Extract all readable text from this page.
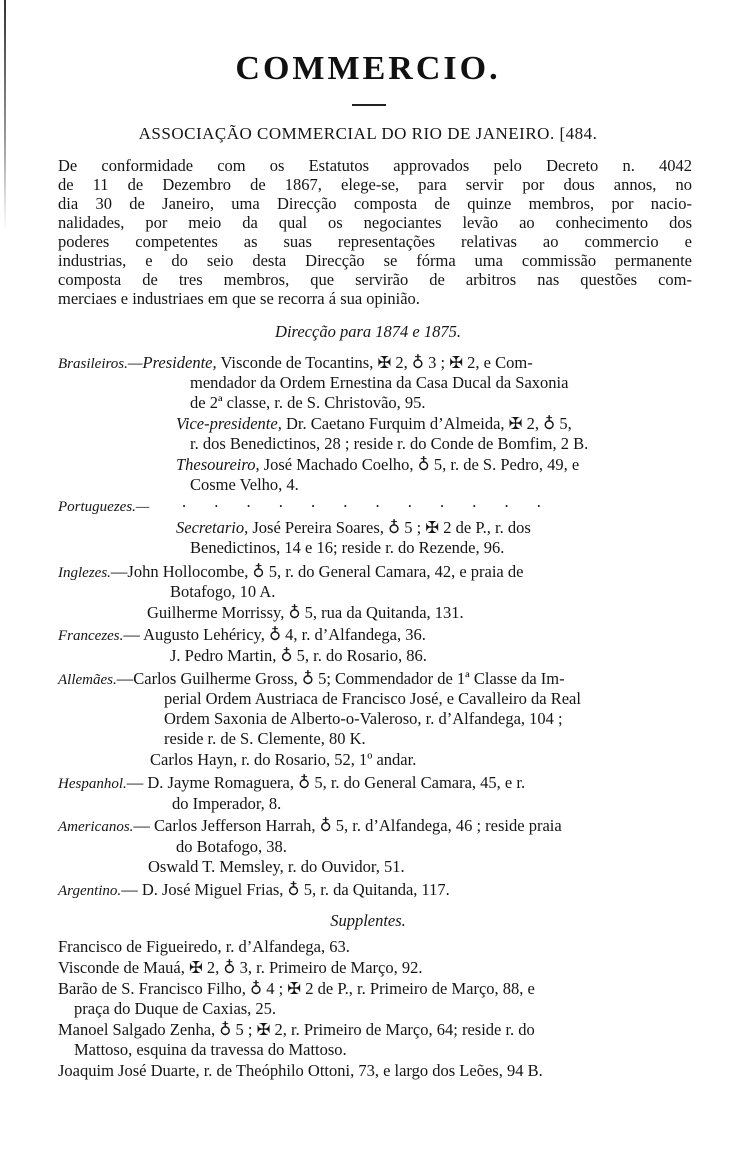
COMMERCIO.
ASSOCIAÇÃO COMMERCIAL DO RIO DE JANEIRO. [484.
De conformidade com os Estatutos approvados pelo Decreto n. 4042
de 11 de Dezembro de 1867, elege-se, para servir por dous annos, no
dia 30 de Janeiro, uma Direcção composta de quinze membros, por nacio-
nalidades, por meio da qual os negociantes levão ao conhecimento dos
poderes competentes as suas representações relativas ao commercio e
industrias, e do seio desta Direcção se fórma uma commissão permanente
composta de tres membros, que servirão de arbitros nas questões com-
merciaes e industriaes em que se recorra á sua opinião.
Direcção para 1874 e 1875.
Brasileiros.—Presidente, Visconde de Tocantins, ✠ 2, ♁ 3 ; ✠ 2, e Com-
mendador da Ordem Ernestina da Casa Ducal da Saxonia
de 2ª classe, r. de S. Christovão, 95.
Vice-presidente, Dr. Caetano Furquim d’Almeida, ✠ 2, ♁ 5,
r. dos Benedictinos, 28 ; reside r. do Conde de Bomfim, 2 B.
Thesoureiro, José Machado Coelho, ♁ 5, r. de S. Pedro, 49, e
Cosme Velho, 4.
Portuguezes.— . . . . . . . . . . . .
Secretario, José Pereira Soares, ♁ 5 ; ✠ 2 de P., r. dos
Benedictinos, 14 e 16; reside r. do Rezende, 96.
Inglezes.—John Hollocombe, ♁ 5, r. do General Camara, 42, e praia de
Botafogo, 10 A.
Guilherme Morrissy, ♁ 5, rua da Quitanda, 131.
Francezes.— Augusto Lehéricy, ♁ 4, r. d’Alfandega, 36.
J. Pedro Martin, ♁ 5, r. do Rosario, 86.
Allemães.—Carlos Guilherme Gross, ♁ 5; Commendador de 1ª Classe da Im-
perial Ordem Austriaca de Francisco José, e Cavalleiro da Real
Ordem Saxonia de Alberto-o-Valeroso, r. d’Alfandega, 104 ;
reside r. de S. Clemente, 80 K.
Carlos Hayn, r. do Rosario, 52, 1º andar.
Hespanhol.— D. Jayme Romaguera, ♁ 5, r. do General Camara, 45, e r.
do Imperador, 8.
Americanos.— Carlos Jefferson Harrah, ♁ 5, r. d’Alfandega, 46 ; reside praia
do Botafogo, 38.
Oswald T. Memsley, r. do Ouvidor, 51.
Argentino.— D. José Miguel Frias, ♁ 5, r. da Quitanda, 117.
Supplentes.
Francisco de Figueiredo, r. d’Alfandega, 63.
Visconde de Mauá, ✠ 2, ♁ 3, r. Primeiro de Março, 92.
Barão de S. Francisco Filho, ♁ 4 ; ✠ 2 de P., r. Primeiro de Março, 88, e
praça do Duque de Caxias, 25.
Manoel Salgado Zenha, ♁ 5 ; ✠ 2, r. Primeiro de Março, 64; reside r. do
Mattoso, esquina da travessa do Mattoso.
Joaquim José Duarte, r. de Theóphilo Ottoni, 73, e largo dos Leões, 94 B.
